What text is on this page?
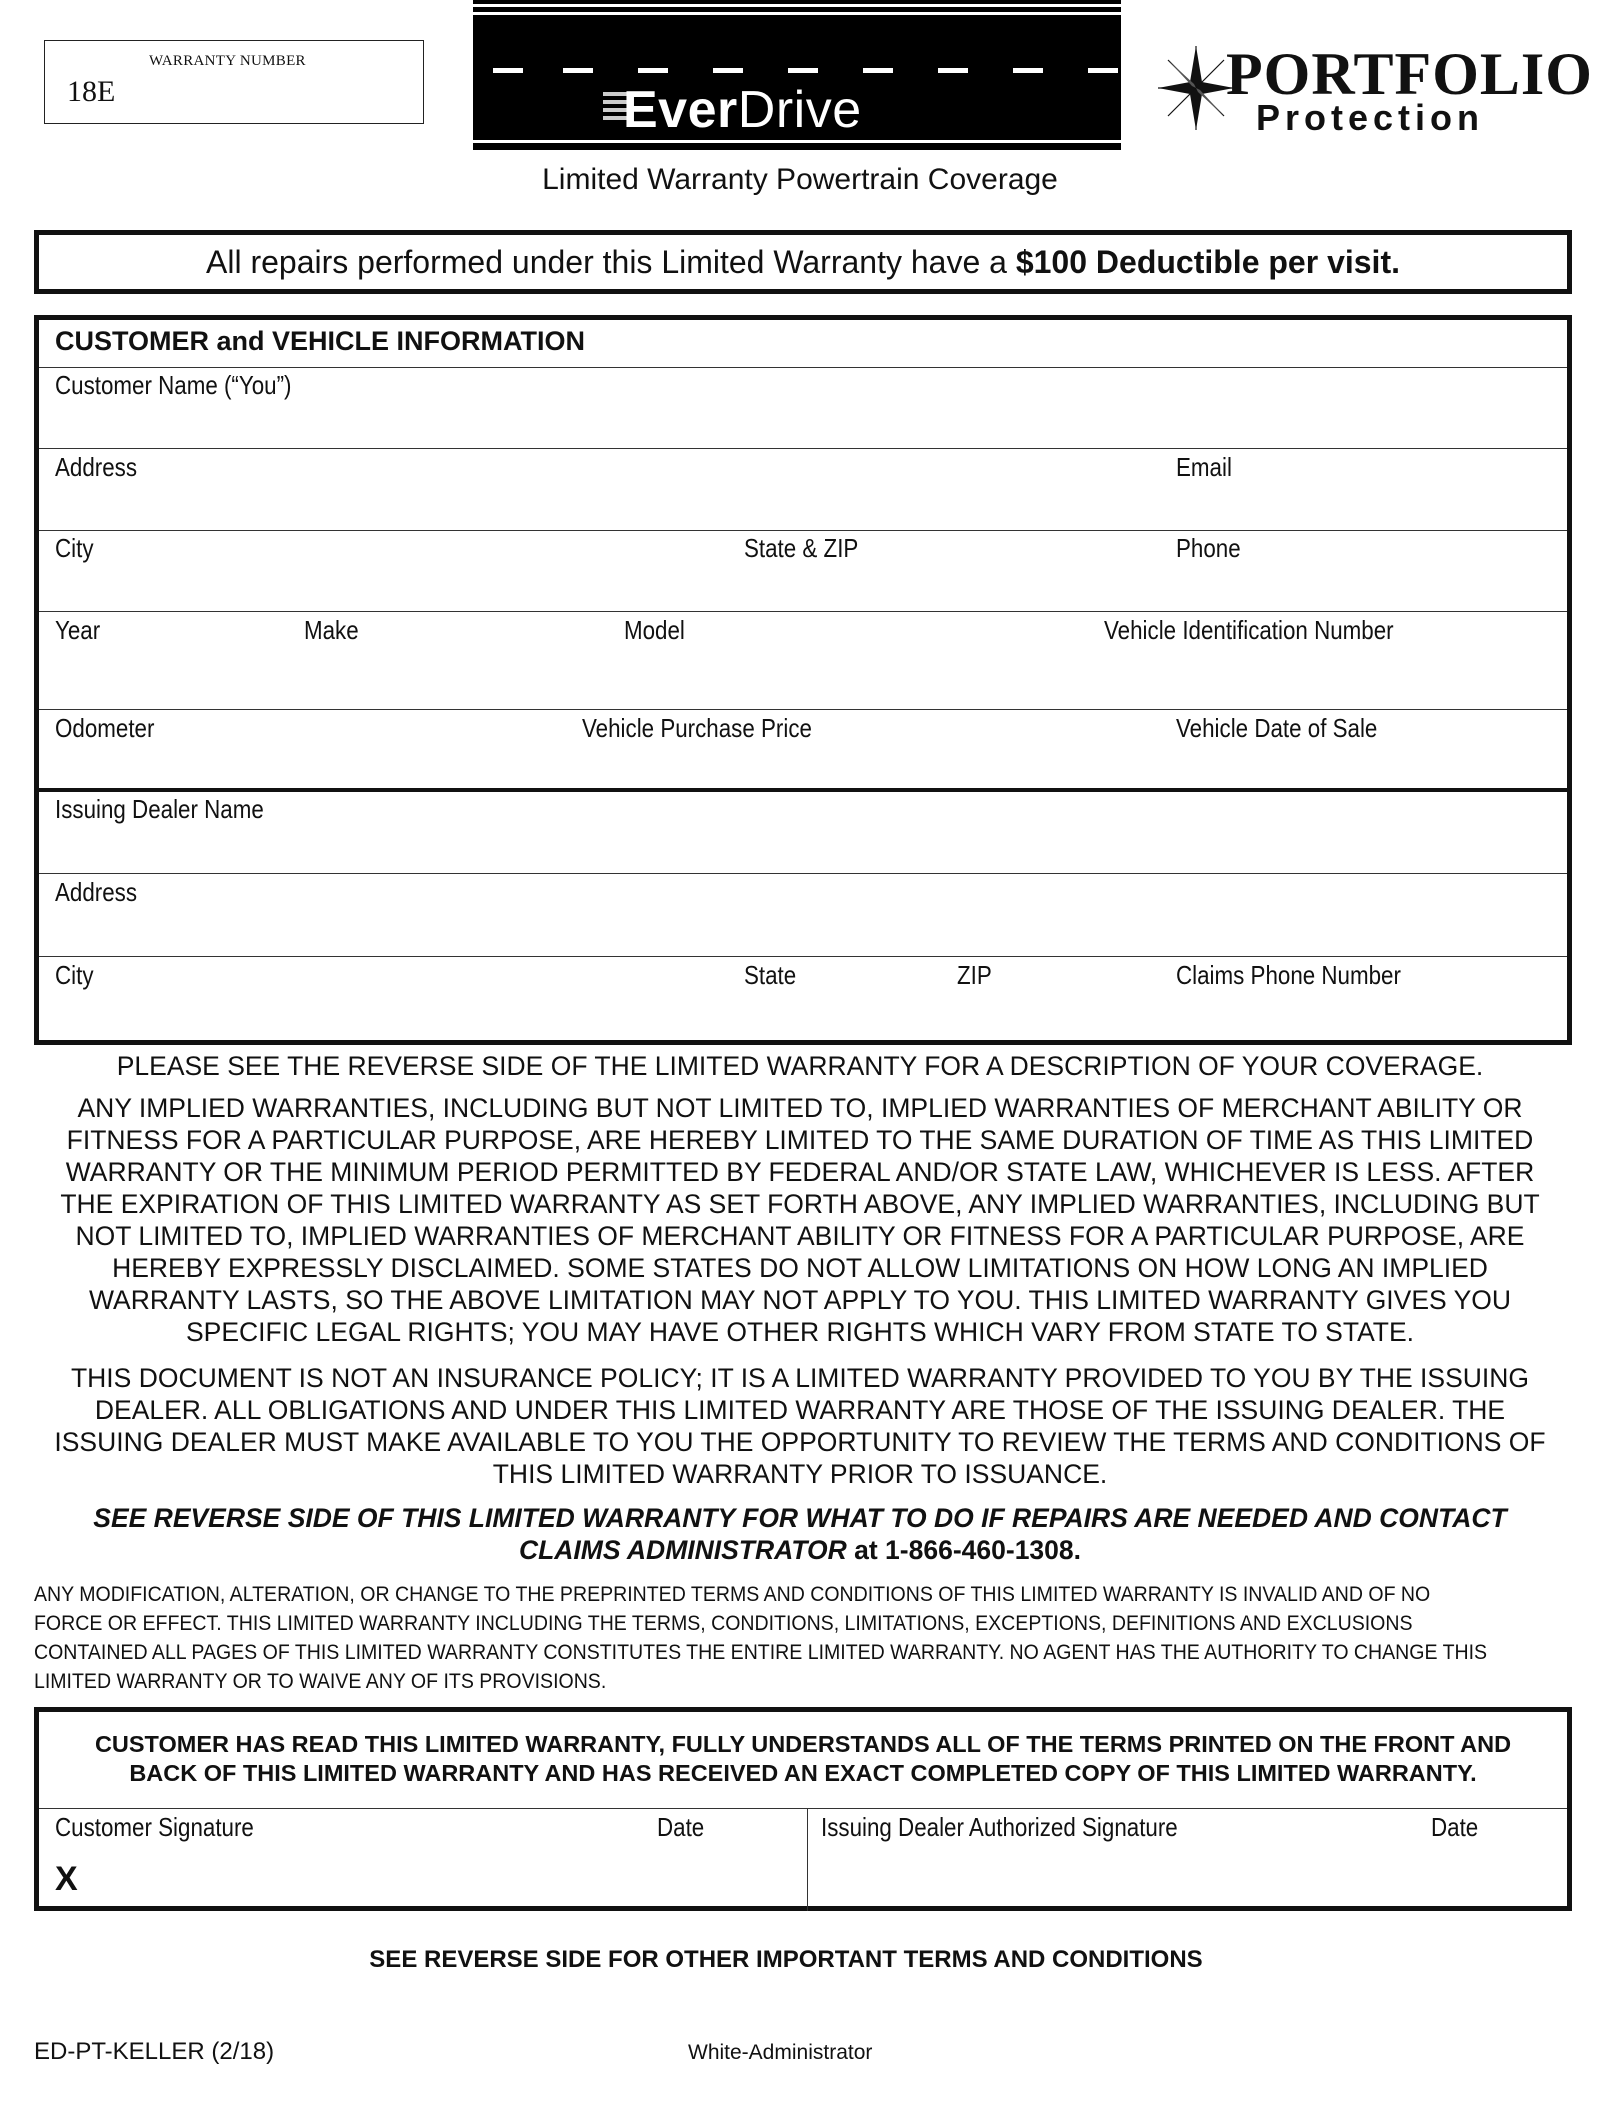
WARRANTY NUMBER
18E	EverDrive
PORTFOLIO
Protection
Limited Warranty Powertrain Coverage
All repairs performed under this Limited Warranty have a $100 Deductible per visit.
CUSTOMER and VEHICLE INFORMATION
Customer Name (“You”)
Address	Email
City	State & ZIP	Phone
Year	Make	Model	Vehicle Identification Number
Odometer	Vehicle Purchase Price	Vehicle Date of Sale
Issuing Dealer Name
Address
City	State	ZIP	Claims Phone Number
PLEASE SEE THE REVERSE SIDE OF THE LIMITED WARRANTY FOR A DESCRIPTION OF YOUR COVERAGE.
ANY IMPLIED WARRANTIES, INCLUDING BUT NOT LIMITED TO, IMPLIED WARRANTIES OF MERCHANT ABILITY OR
FITNESS FOR A PARTICULAR PURPOSE, ARE HEREBY LIMITED TO THE SAME DURATION OF TIME AS THIS LIMITED
WARRANTY OR THE MINIMUM PERIOD PERMITTED BY FEDERAL AND/OR STATE LAW, WHICHEVER IS LESS. AFTER
THE EXPIRATION OF THIS LIMITED WARRANTY AS SET FORTH ABOVE, ANY IMPLIED WARRANTIES, INCLUDING BUT
NOT LIMITED TO, IMPLIED WARRANTIES OF MERCHANT ABILITY OR FITNESS FOR A PARTICULAR PURPOSE, ARE
HEREBY EXPRESSLY DISCLAIMED. SOME STATES DO NOT ALLOW LIMITATIONS ON HOW LONG AN IMPLIED
WARRANTY LASTS, SO THE ABOVE LIMITATION MAY NOT APPLY TO YOU. THIS LIMITED WARRANTY GIVES YOU
SPECIFIC LEGAL RIGHTS; YOU MAY HAVE OTHER RIGHTS WHICH VARY FROM STATE TO STATE.
THIS DOCUMENT IS NOT AN INSURANCE POLICY; IT IS A LIMITED WARRANTY PROVIDED TO YOU BY THE ISSUING
DEALER. ALL OBLIGATIONS AND UNDER THIS LIMITED WARRANTY ARE THOSE OF THE ISSUING DEALER. THE
ISSUING DEALER MUST MAKE AVAILABLE TO YOU THE OPPORTUNITY TO REVIEW THE TERMS AND CONDITIONS OF
THIS LIMITED WARRANTY PRIOR TO ISSUANCE.
SEE REVERSE SIDE OF THIS LIMITED WARRANTY FOR WHAT TO DO IF REPAIRS ARE NEEDED AND CONTACT
CLAIMS ADMINISTRATOR at 1-866-460-1308.
ANY MODIFICATION, ALTERATION, OR CHANGE TO THE PREPRINTED TERMS AND CONDITIONS OF THIS LIMITED WARRANTY IS INVALID AND OF NO
FORCE OR EFFECT. THIS LIMITED WARRANTY INCLUDING THE TERMS, CONDITIONS, LIMITATIONS, EXCEPTIONS, DEFINITIONS AND EXCLUSIONS
CONTAINED ALL PAGES OF THIS LIMITED WARRANTY CONSTITUTES THE ENTIRE LIMITED WARRANTY. NO AGENT HAS THE AUTHORITY TO CHANGE THIS
LIMITED WARRANTY OR TO WAIVE ANY OF ITS PROVISIONS.
CUSTOMER HAS READ THIS LIMITED WARRANTY, FULLY UNDERSTANDS ALL OF THE TERMS PRINTED ON THE FRONT AND
BACK OF THIS LIMITED WARRANTY AND HAS RECEIVED AN EXACT COMPLETED COPY OF THIS LIMITED WARRANTY.
Customer Signature	Date	Issuing Dealer Authorized Signature	Date
X
SEE REVERSE SIDE FOR OTHER IMPORTANT TERMS AND CONDITIONS
ED-PT-KELLER (2/18)	White-Administrator
